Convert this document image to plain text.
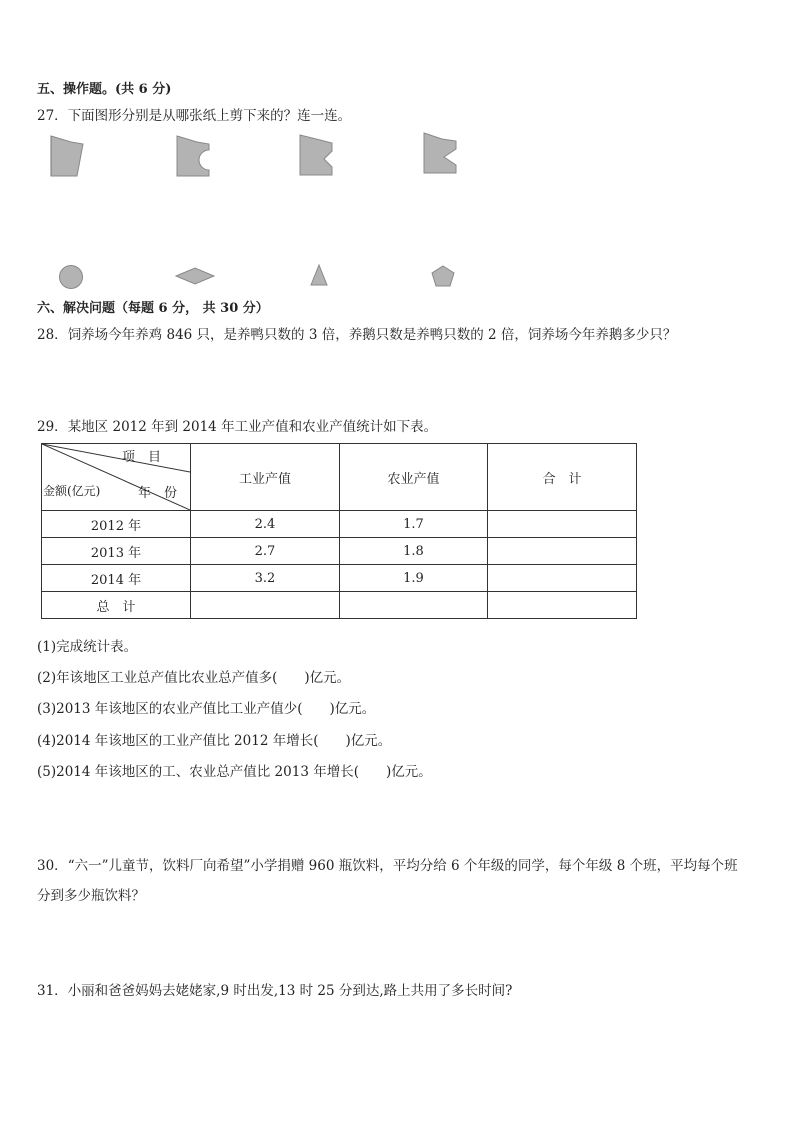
五、操作题。(共 6 分)
27．下面图形分别是从哪张纸上剪下来的？连一连。
六、解决问题（每题 6 分， 共 30 分）
28．饲养场今年养鸡 846 只，是养鸭只数的 3 倍，养鹅只数是养鸭只数的 2 倍，饲养场今年养鹅多少只？
29．某地区 2012 年到 2014 年工业产值和农业产值统计如下表。
项　目
年　份
金额(亿元)	工业产值	农业产值	合　计
2012 年	2.4	1.7	
2013 年	2.7	1.8	
2014 年	3.2	1.9	
总　计			
(1)完成统计表。
(2)年该地区工业总产值比农业总产值多(　　)亿元。
(3)2013 年该地区的农业产值比工业产值少(　　)亿元。
(4)2014 年该地区的工业产值比 2012 年增长(　　)亿元。
(5)2014 年该地区的工、农业总产值比 2013 年增长(　　)亿元。
30．“六一”儿童节，饮料厂向希望”小学捐赠 960 瓶饮料，平均分给 6 个年级的同学，每个年级 8 个班，平均每个班
分到多少瓶饮料？
31．小丽和爸爸妈妈去姥姥家,9 时出发,13 时 25 分到达,路上共用了多长时间?
